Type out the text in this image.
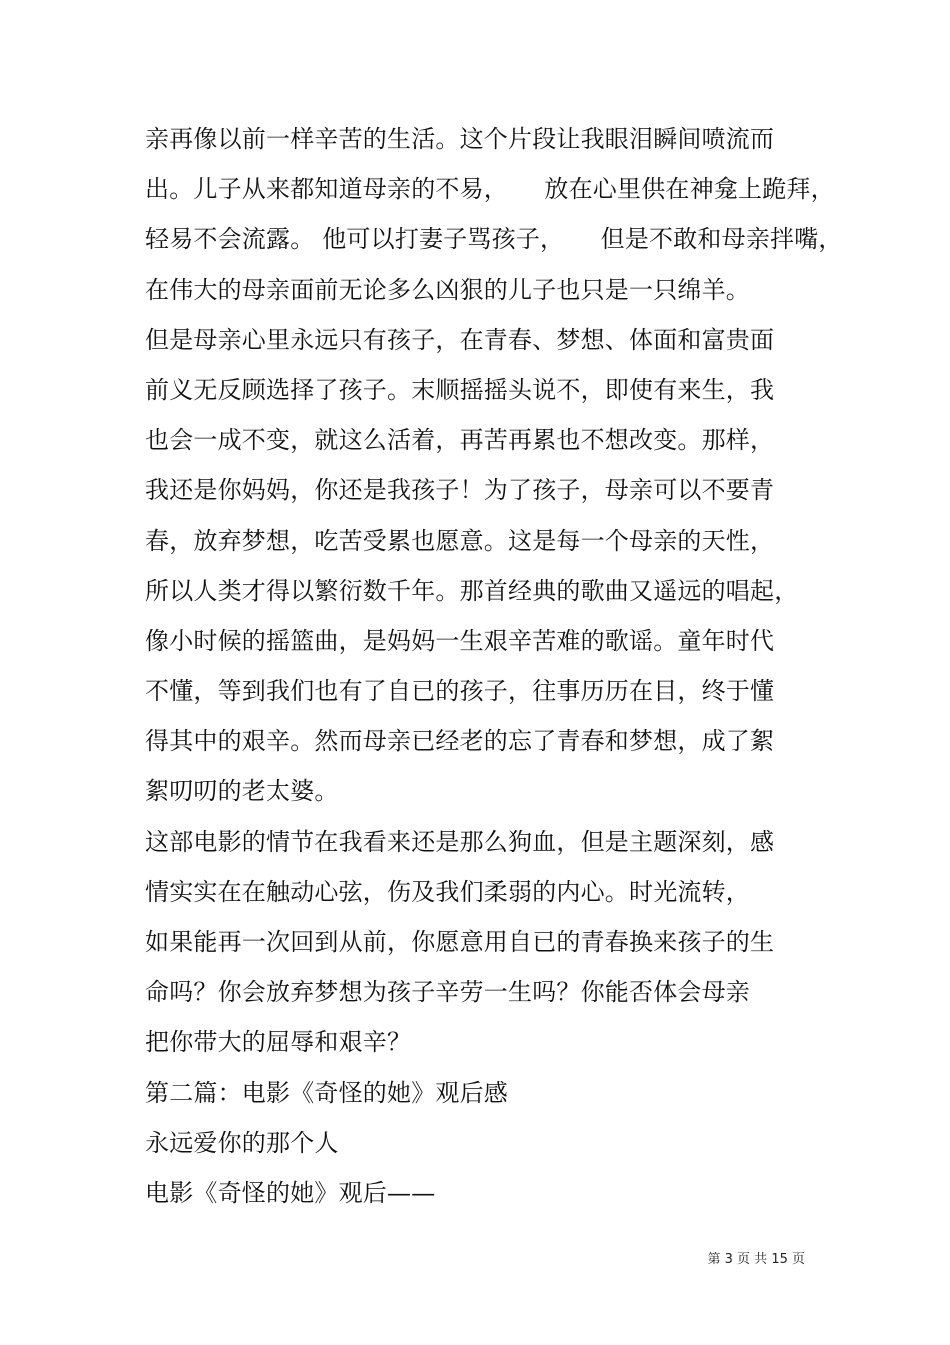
亲再像以前一样辛苦的生活。这个片段让我眼泪瞬间喷流而
出。儿子从来都知道母亲的不易，　　放在心里供在神龛上跪拜，
轻易不会流露。 他可以打妻子骂孩子，　　但是不敢和母亲拌嘴，
在伟大的母亲面前无论多么凶狠的儿子也只是一只绵羊。
但是母亲心里永远只有孩子，在青春、梦想、体面和富贵面
前义无反顾选择了孩子。末顺摇摇头说不，即使有来生，我
也会一成不变，就这么活着，再苦再累也不想改变。那样，
我还是你妈妈，你还是我孩子！为了孩子，母亲可以不要青
春，放弃梦想，吃苦受累也愿意。这是每一个母亲的天性，
所以人类才得以繁衍数千年。那首经典的歌曲又遥远的唱起，
像小时候的摇篮曲，是妈妈一生艰辛苦难的歌谣。童年时代
不懂，等到我们也有了自已的孩子，往事历历在目，终于懂
得其中的艰辛。然而母亲已经老的忘了青春和梦想，成了絮
絮叨叨的老太婆。
这部电影的情节在我看来还是那么狗血，但是主题深刻，感
情实实在在触动心弦，伤及我们柔弱的内心。时光流转，
如果能再一次回到从前，你愿意用自已的青春换来孩子的生
命吗？你会放弃梦想为孩子辛劳一生吗？你能否体会母亲
把你带大的屈辱和艰辛？
第二篇：电影《奇怪的她》观后感
永远爱你的那个人
电影《奇怪的她》观后——
第 3 页 共 15 页
